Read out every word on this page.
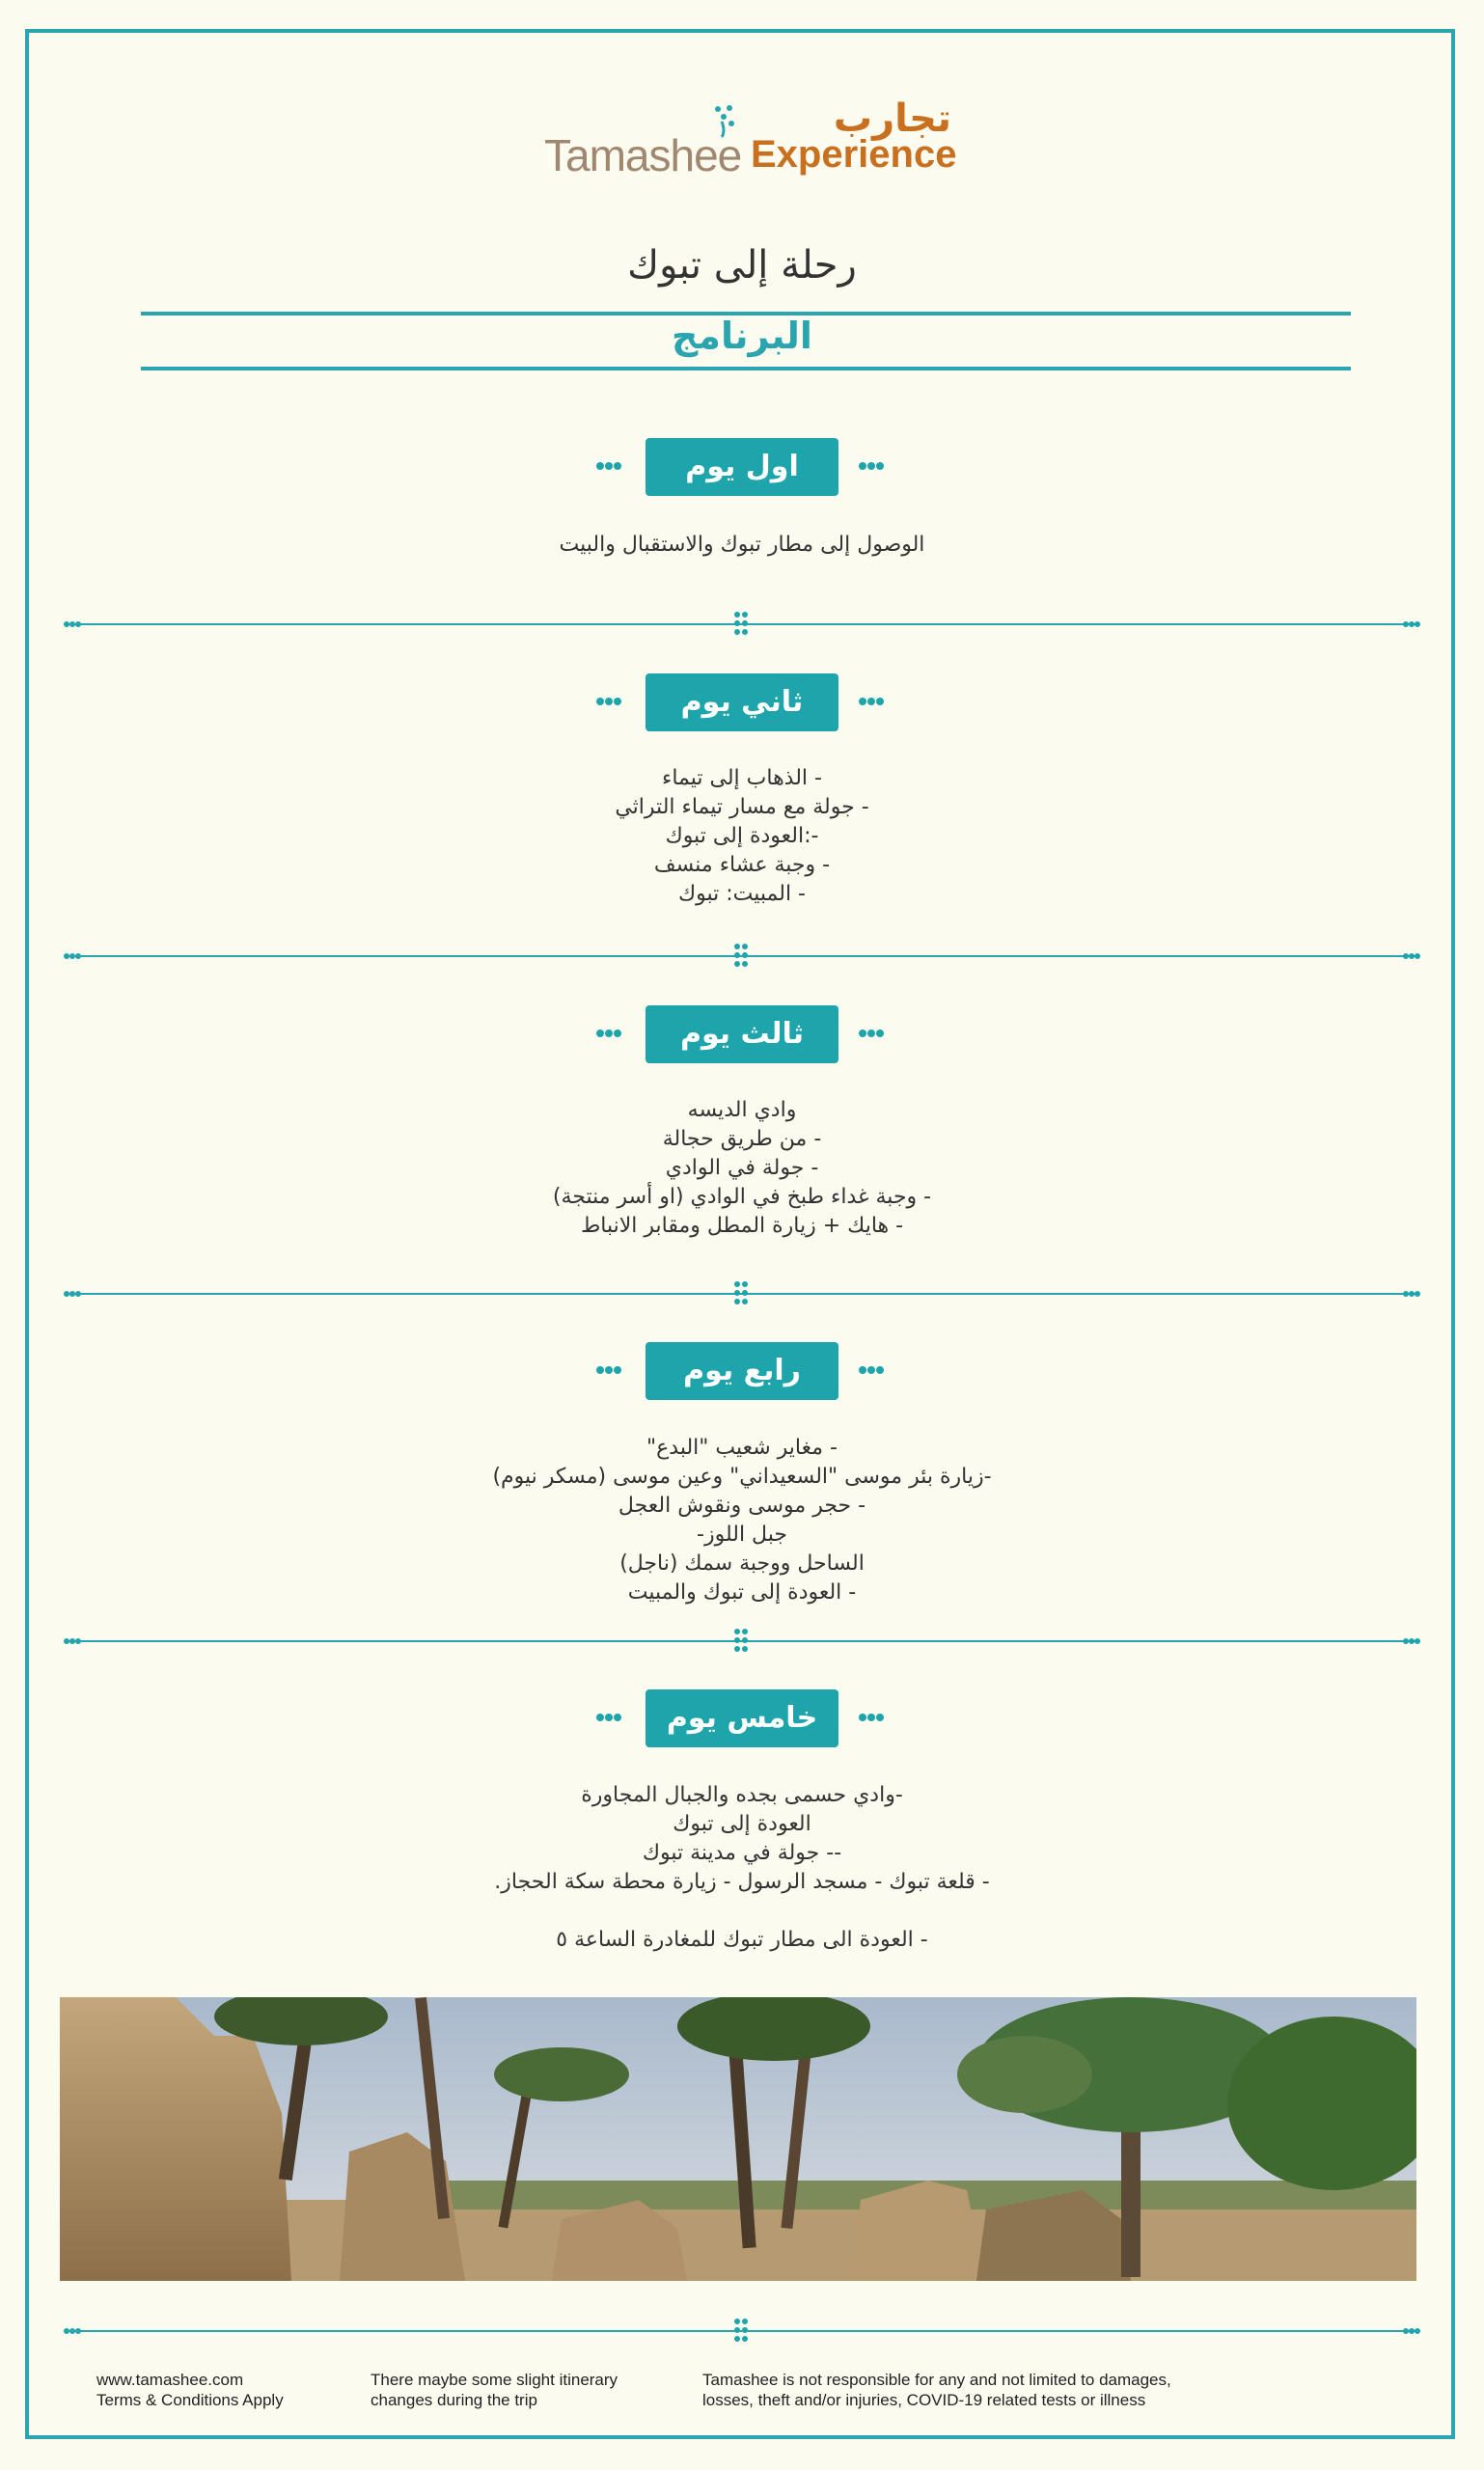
Tamashee
تجارب
Experience
رحلة إلى تبوك
البرنامج
اول يوم
الوصول إلى مطار تبوك والاستقبال والبيت
ثاني يوم
- الذهاب إلى تيماء
- جولة مع مسار تيماء التراثي
-:العودة إلى تبوك
- وجبة عشاء منسف
- المبيت: تبوك
ثالث يوم
وادي الديسه
- من طريق حجالة
- جولة في الوادي
- وجبة غداء طبخ في الوادي (او أسر منتجة)
- هايك + زيارة المطل ومقابر الانباط
رابع يوم
- مغاير شعيب "البدع"
-زيارة بئر موسى "السعيداني" وعين موسى (مسكر نيوم)
- حجر موسى ونقوش العجل
جبل اللوز-
الساحل ووجبة سمك (ناجل)
- العودة إلى تبوك والمبيت
خامس يوم
-وادي حسمى بجده والجبال المجاورة
العودة إلى تبوك
-- جولة في مدينة تبوك
- قلعة تبوك - مسجد الرسول - زيارة محطة سكة الحجاز.

- العودة الى مطار تبوك للمغادرة الساعة ٥
www.tamashee.com
Terms & Conditions Apply
There maybe some slight itinerary
changes during the trip
Tamashee is not responsible for any and not limited to damages,
losses, theft and/or injuries, COVID-19 related tests or illness
